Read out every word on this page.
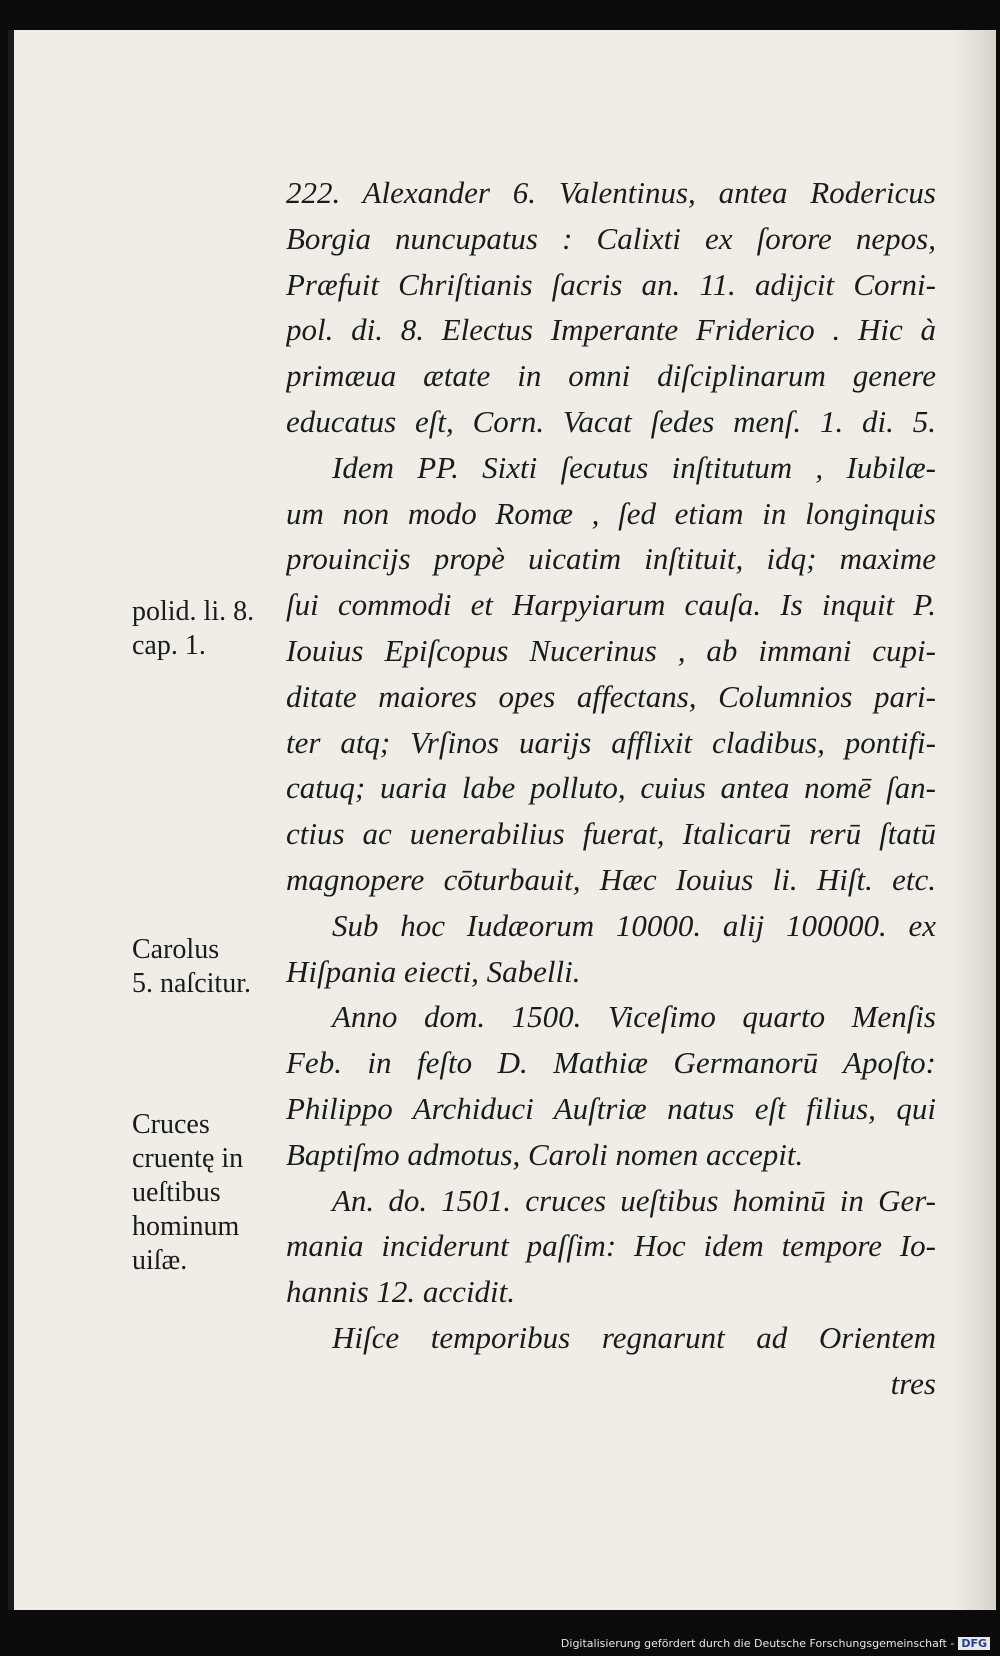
222. Alexander 6. Valentinus, antea Rodericus
Borgia nuncupatus : Calixti ex ſorore nepos,
Præfuit Chriſtianis ſacris an. 11. adijcit Corni-
pol. di. 8. Electus Imperante Friderico . Hic à
primæua ætate in omni diſciplinarum genere
educatus eſt, Corn. Vacat ſedes menſ. 1. di. 5.
Idem PP. Sixti ſecutus inſtitutum , Iubilæ-
um non modo Romæ , ſed etiam in longinquis
prouincijs propè uicatim inſtituit, idq; maxime
ſui commodi et Harpyiarum cauſa. Is inquit P.
Iouius Epiſcopus Nucerinus , ab immani cupi-
ditate maiores opes affectans, Columnios pari-
ter atq; Vrſinos uarijs afflixit cladibus, pontifi-
catuq; uaria labe polluto, cuius antea nomē ſan-
ctius ac uenerabilius fuerat, Italicarū rerū ſtatū
magnopere cōturbauit, Hæc Iouius li. Hiſt. etc.
Sub hoc Iudæorum 10000. alij 100000. ex
Hiſpania eiecti, Sabelli.
Anno dom. 1500. Viceſimo quarto Menſis
Feb. in feſto D. Mathiæ Germanorū Apoſto:
Philippo Archiduci Auſtriæ natus eſt filius, qui
Baptiſmo admotus, Caroli nomen accepit.
An. do. 1501. cruces ueſtibus hominū in Ger-
mania inciderunt paſſim: Hoc idem tempore Io-
hannis 12. accidit.
Hiſce temporibus regnarunt ad Orientem
tres
polid. li. 8.
cap. 1.
Carolus
5. naſcitur.
Cruces
cruentę in
ueſtibus
hominum
uiſæ.
Digitalisierung gefördert durch die Deutsche Forschungsgemeinschaft - DFG
